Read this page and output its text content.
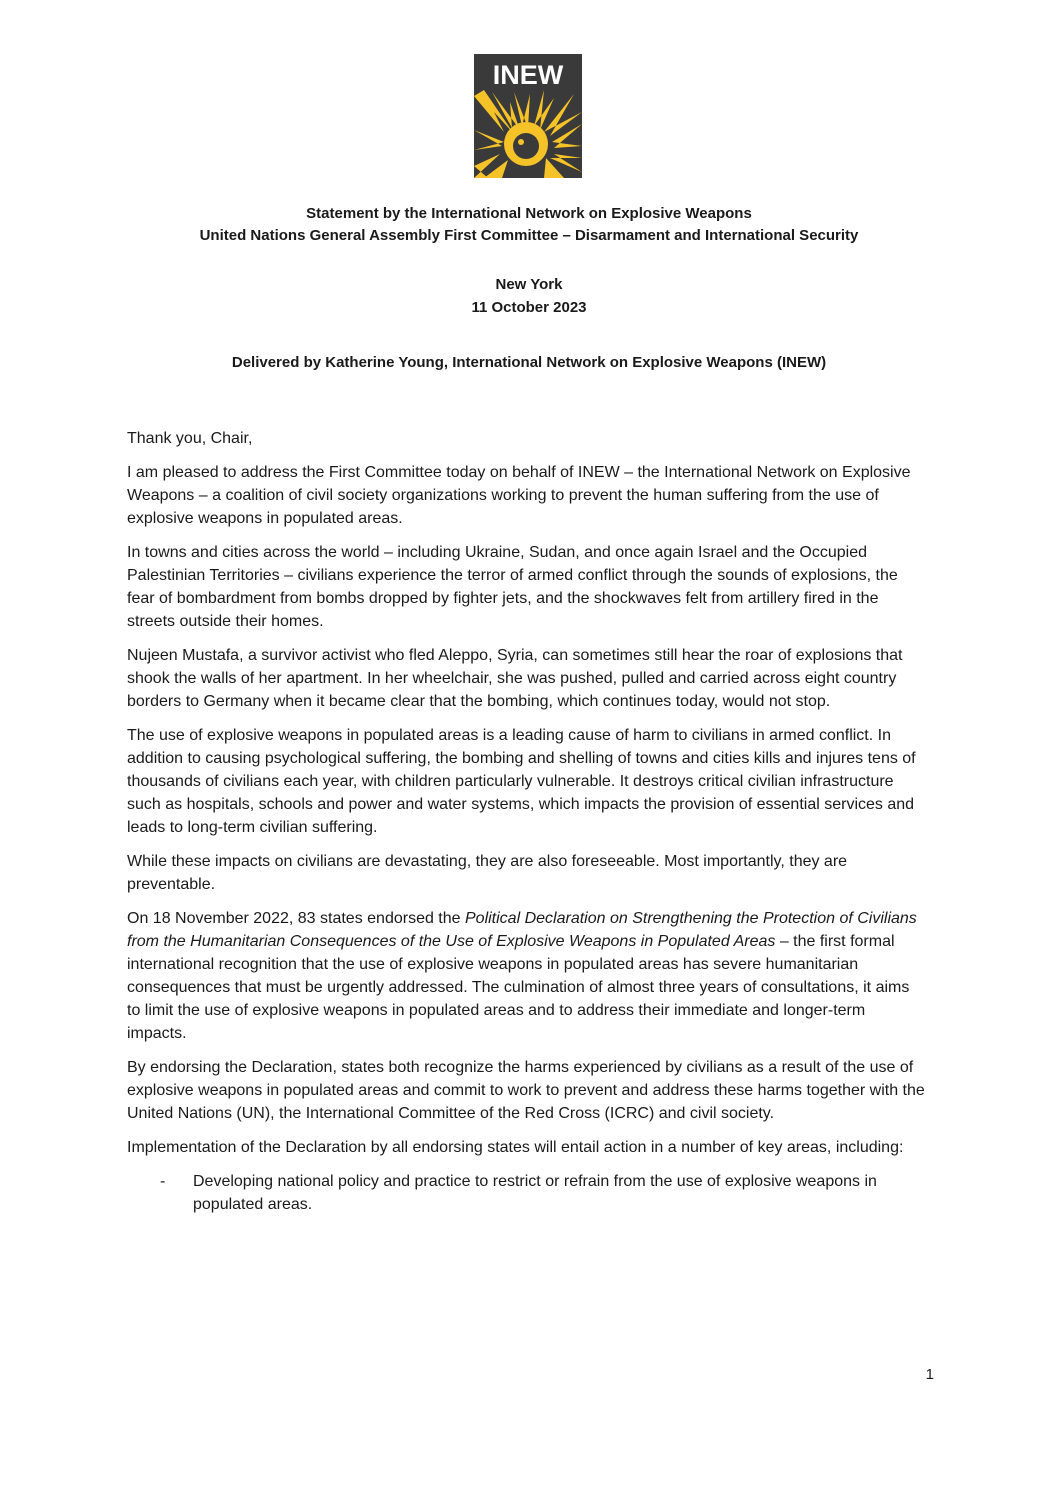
INEW
Statement by the International Network on Explosive Weapons
United Nations General Assembly First Committee – Disarmament and International Security
New York
11 October 2023
Delivered by Katherine Young, International Network on Explosive Weapons (INEW)

Thank you, Chair,

I am pleased to address the First Committee today on behalf of INEW – the International Network on Explosive Weapons – a coalition of civil society organizations working to prevent the human suffering from the use of explosive weapons in populated areas.

In towns and cities across the world – including Ukraine, Sudan, and once again Israel and the Occupied Palestinian Territories – civilians experience the terror of armed conflict through the sounds of explosions, the fear of bombardment from bombs dropped by fighter jets, and the shockwaves felt from artillery fired in the streets outside their homes.

Nujeen Mustafa, a survivor activist who fled Aleppo, Syria, can sometimes still hear the roar of explosions that shook the walls of her apartment. In her wheelchair, she was pushed, pulled and carried across eight country borders to Germany when it became clear that the bombing, which continues today, would not stop.

The use of explosive weapons in populated areas is a leading cause of harm to civilians in armed conflict. In addition to causing psychological suffering, the bombing and shelling of towns and cities kills and injures tens of thousands of civilians each year, with children particularly vulnerable. It destroys critical civilian infrastructure such as hospitals, schools and power and water systems, which impacts the provision of essential services and leads to long-term civilian suffering.

While these impacts on civilians are devastating, they are also foreseeable. Most importantly, they are preventable.

On 18 November 2022, 83 states endorsed the Political Declaration on Strengthening the Protection of Civilians from the Humanitarian Consequences of the Use of Explosive Weapons in Populated Areas – the first formal international recognition that the use of explosive weapons in populated areas has severe humanitarian consequences that must be urgently addressed. The culmination of almost three years of consultations, it aims to limit the use of explosive weapons in populated areas and to address their immediate and longer-term impacts.

By endorsing the Declaration, states both recognize the harms experienced by civilians as a result of the use of explosive weapons in populated areas and commit to work to prevent and address these harms together with the United Nations (UN), the International Committee of the Red Cross (ICRC) and civil society.

Implementation of the Declaration by all endorsing states will entail action in a number of key areas, including:

-	Developing national policy and practice to restrict or refrain from the use of explosive weapons in populated areas.
1
